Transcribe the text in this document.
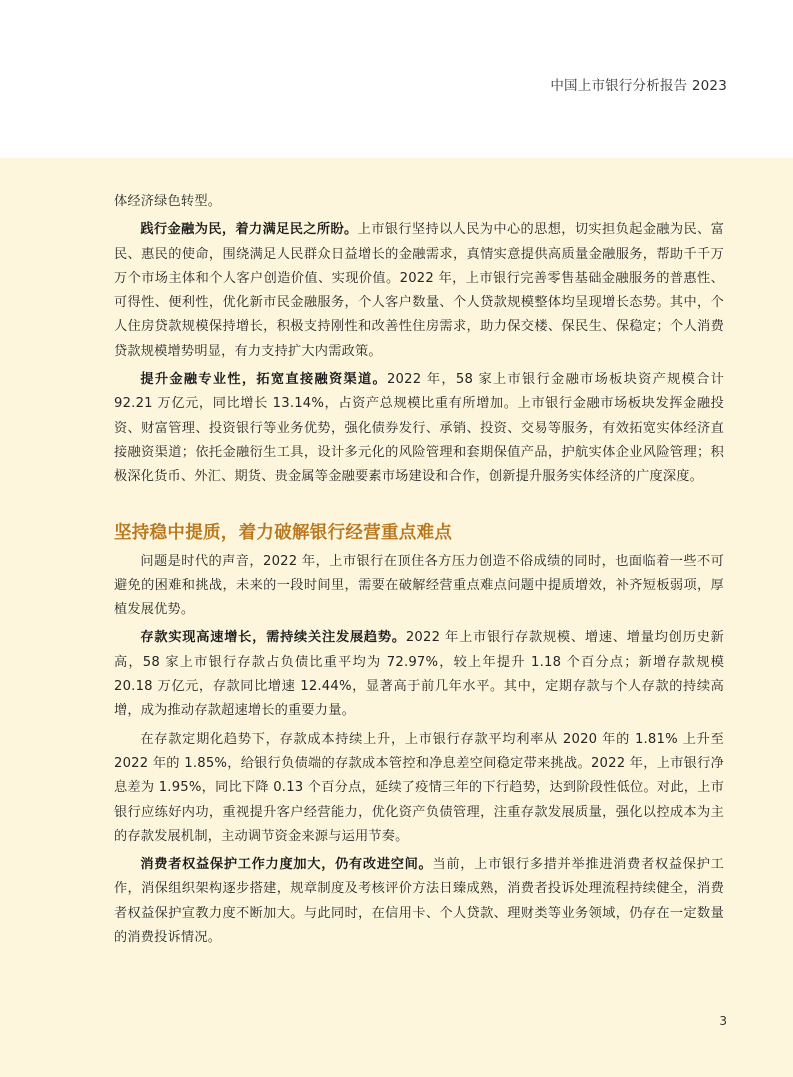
中国上市银行分析报告 2023

体经济绿色转型。

践行金融为民，着力满足民之所盼。上市银行坚持以人民为中心的思想，切实担负起金融为民、富民、惠民的使命，围绕满足人民群众日益增长的金融需求，真情实意提供高质量金融服务，帮助千千万万个市场主体和个人客户创造价值、实现价值。2022 年，上市银行完善零售基础金融服务的普惠性、可得性、便利性，优化新市民金融服务，个人客户数量、个人贷款规模整体均呈现增长态势。其中，个人住房贷款规模保持增长，积极支持刚性和改善性住房需求，助力保交楼、保民生、保稳定；个人消费贷款规模增势明显，有力支持扩大内需政策。

提升金融专业性，拓宽直接融资渠道。2022 年，58 家上市银行金融市场板块资产规模合计 92.21 万亿元，同比增长 13.14%，占资产总规模比重有所增加。上市银行金融市场板块发挥金融投资、财富管理、投资银行等业务优势，强化债券发行、承销、投资、交易等服务，有效拓宽实体经济直接融资渠道；依托金融衍生工具，设计多元化的风险管理和套期保值产品，护航实体企业风险管理；积极深化货币、外汇、期货、贵金属等金融要素市场建设和合作，创新提升服务实体经济的广度深度。

坚持稳中提质，着力破解银行经营重点难点

问题是时代的声音，2022 年，上市银行在顶住各方压力创造不俗成绩的同时，也面临着一些不可避免的困难和挑战，未来的一段时间里，需要在破解经营重点难点问题中提质增效，补齐短板弱项，厚植发展优势。

存款实现高速增长，需持续关注发展趋势。2022 年上市银行存款规模、增速、增量均创历史新高，58 家上市银行存款占负债比重平均为 72.97%，较上年提升 1.18 个百分点；新增存款规模 20.18 万亿元，存款同比增速 12.44%，显著高于前几年水平。其中，定期存款与个人存款的持续高增，成为推动存款超速增长的重要力量。

在存款定期化趋势下，存款成本持续上升，上市银行存款平均利率从 2020 年的 1.81% 上升至 2022 年的 1.85%，给银行负债端的存款成本管控和净息差空间稳定带来挑战。2022 年，上市银行净息差为 1.95%，同比下降 0.13 个百分点，延续了疫情三年的下行趋势，达到阶段性低位。对此，上市银行应练好内功，重视提升客户经营能力，优化资产负债管理，注重存款发展质量，强化以控成本为主的存款发展机制，主动调节资金来源与运用节奏。

消费者权益保护工作力度加大，仍有改进空间。当前，上市银行多措并举推进消费者权益保护工作，消保组织架构逐步搭建，规章制度及考核评价方法日臻成熟，消费者投诉处理流程持续健全，消费者权益保护宣教力度不断加大。与此同时，在信用卡、个人贷款、理财类等业务领域，仍存在一定数量的消费投诉情况。

3
